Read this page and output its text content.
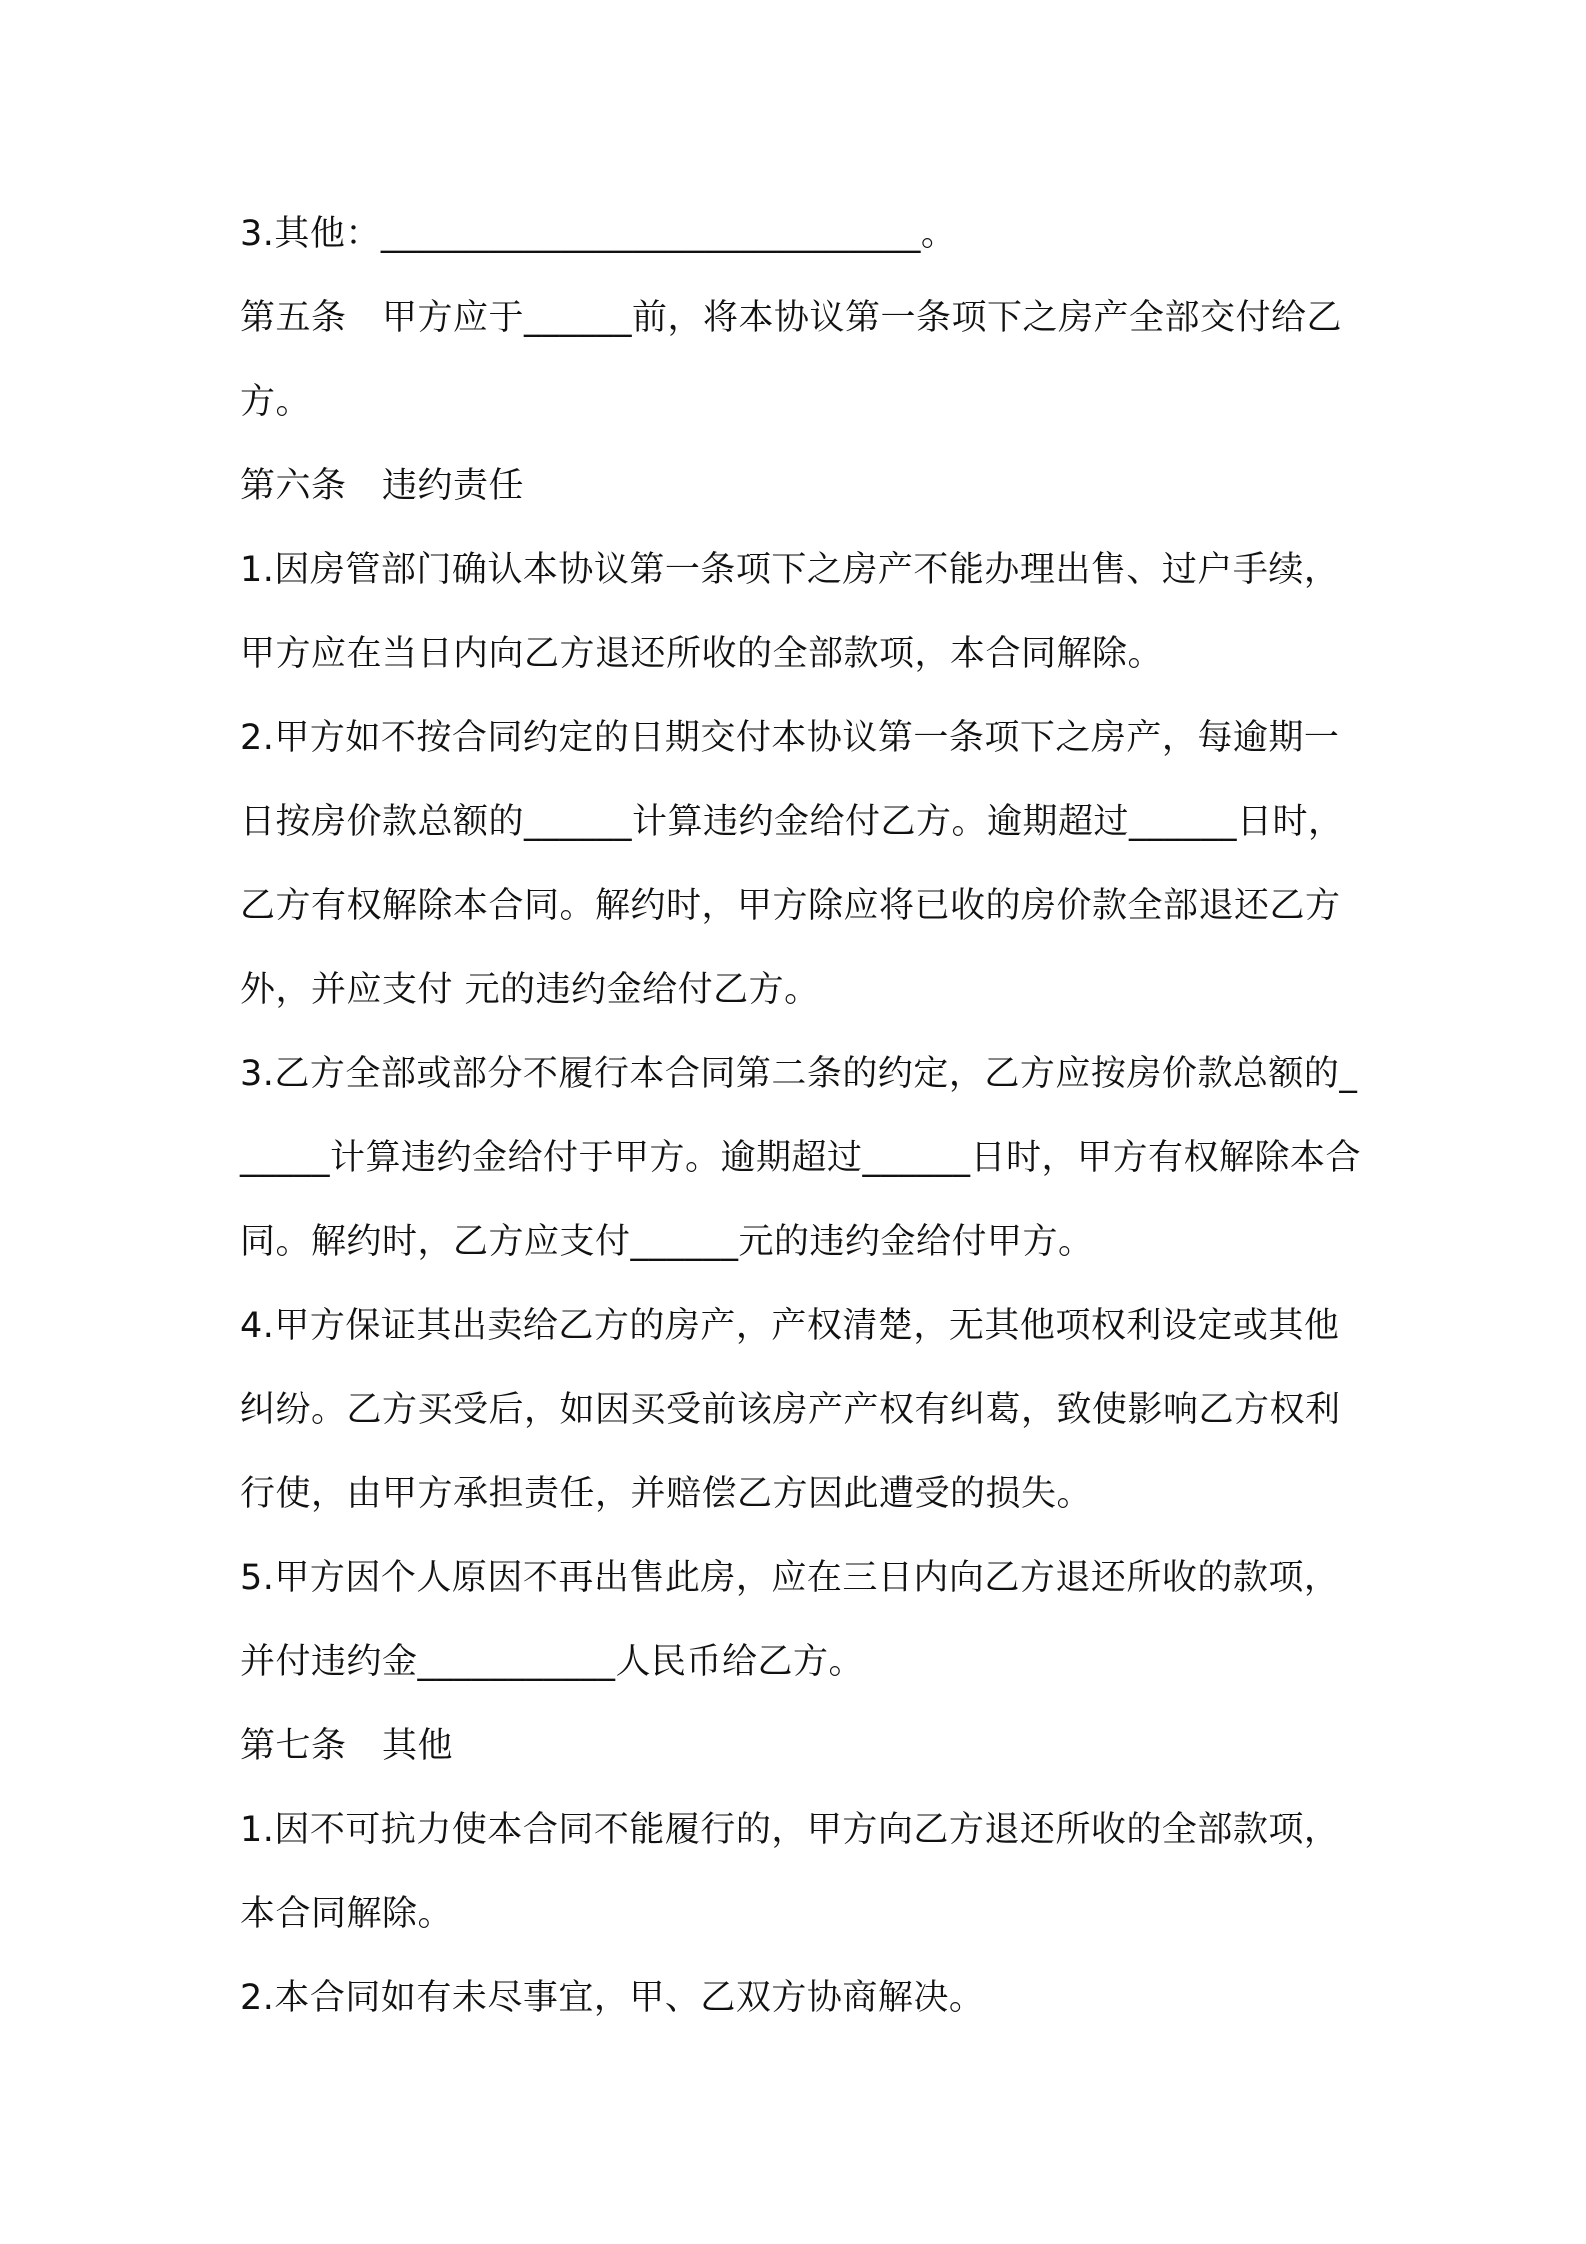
3.其他：______________________________。

第五条　甲方应于______前，将本协议第一条项下之房产全部交付给乙方。

第六条　违约责任

1.因房管部门确认本协议第一条项下之房产不能办理出售、过户手续，甲方应在当日内向乙方退还所收的全部款项，本合同解除。

2.甲方如不按合同约定的日期交付本协议第一条项下之房产，每逾期一日按房价款总额的______计算违约金给付乙方。逾期超过______日时，乙方有权解除本合同。解约时，甲方除应将已收的房价款全部退还乙方外，并应支付 元的违约金给付乙方。

3.乙方全部或部分不履行本合同第二条的约定，乙方应按房价款总额的______计算违约金给付于甲方。逾期超过______日时，甲方有权解除本合同。解约时，乙方应支付______元的违约金给付甲方。

4.甲方保证其出卖给乙方的房产，产权清楚，无其他项权利设定或其他纠纷。乙方买受后，如因买受前该房产产权有纠葛，致使影响乙方权利行使，由甲方承担责任，并赔偿乙方因此遭受的损失。

5.甲方因个人原因不再出售此房，应在三日内向乙方退还所收的款项，并付违约金___________人民币给乙方。

第七条　其他

1.因不可抗力使本合同不能履行的，甲方向乙方退还所收的全部款项，本合同解除。

2.本合同如有未尽事宜，甲、乙双方协商解决。
